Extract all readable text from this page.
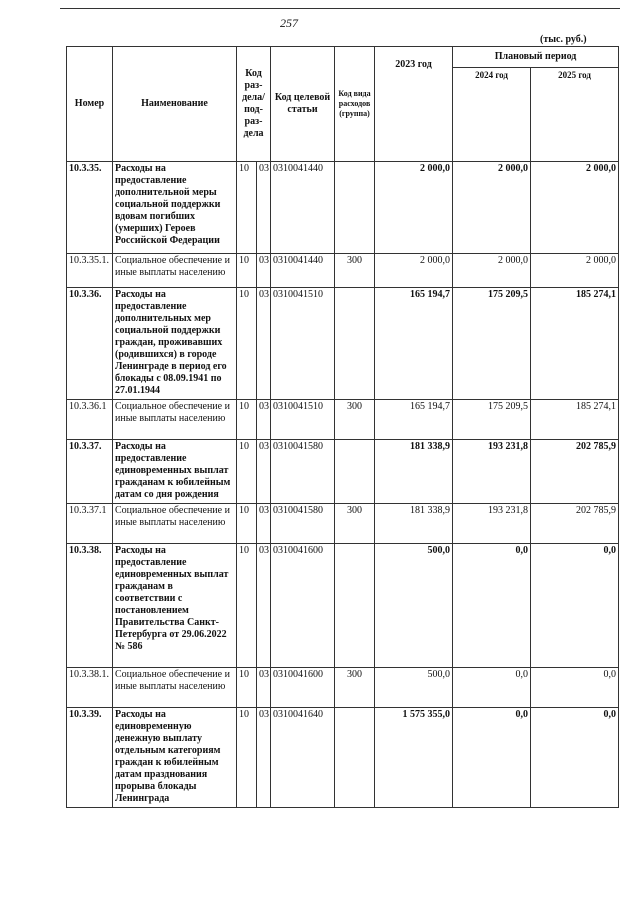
257
(тыс. руб.)
Номер	Наименование	Код раз- дела/ под- раз- дела		Код целевой статьи	Код вида расходов (группа)	2023 год	Плановый период	
							2024 год	2025 год
10.3.35.	Расходы на предоставление дополнительной меры социальной поддержки вдовам погибших (умерших) Героев Российской Федерации	10	03	0310041440		2 000,0	2 000,0	2 000,0
10.3.35.1.	Социальное обеспечение и иные выплаты населению	10	03	0310041440	300	2 000,0	2 000,0	2 000,0
10.3.36.	Расходы на предоставление дополнительных мер социальной поддержки граждан, проживавших (родившихся) в городе Ленинграде в период его блокады с 08.09.1941 по 27.01.1944	10	03	0310041510		165 194,7	175 209,5	185 274,1
10.3.36.1	Социальное обеспечение и иные выплаты населению	10	03	0310041510	300	165 194,7	175 209,5	185 274,1
10.3.37.	Расходы на предоставление единовременных выплат гражданам к юбилейным датам со дня рождения	10	03	0310041580		181 338,9	193 231,8	202 785,9
10.3.37.1	Социальное обеспечение и иные выплаты населению	10	03	0310041580	300	181 338,9	193 231,8	202 785,9
10.3.38.	Расходы на предоставление единовременных выплат гражданам в соответствии с постановлением Правительства Санкт-Петербурга от 29.06.2022 № 586	10	03	0310041600		500,0	0,0	0,0
10.3.38.1.	Социальное обеспечение и иные выплаты населению	10	03	0310041600	300	500,0	0,0	0,0
10.3.39.	Расходы на единовременную денежную выплату отдельным категориям граждан к юбилейным датам празднования прорыва блокады Ленинграда	10	03	0310041640		1 575 355,0	0,0	0,0
